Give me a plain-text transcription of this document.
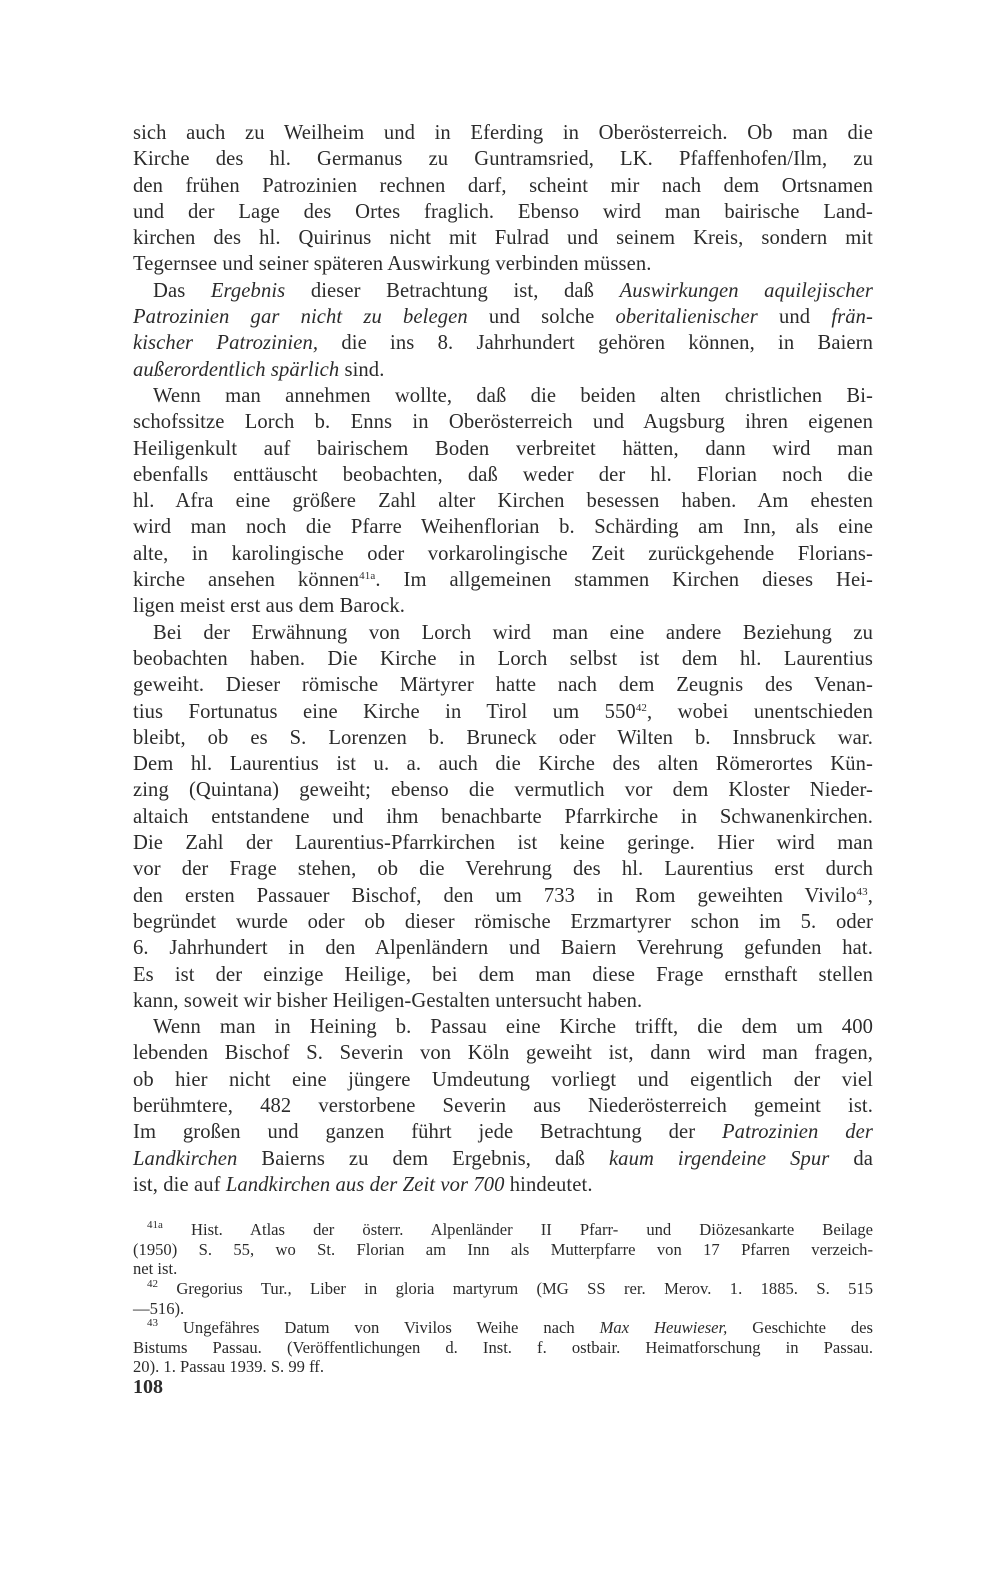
sich auch zu Weilheim und in Eferding in Oberösterreich. Ob man die
Kirche des hl. Germanus zu Guntramsried, LK. Pfaffenhofen/Ilm, zu
den frühen Patrozinien rechnen darf, scheint mir nach dem Ortsnamen
und der Lage des Ortes fraglich. Ebenso wird man bairische Land-
kirchen des hl. Quirinus nicht mit Fulrad und seinem Kreis, sondern mit
Tegernsee und seiner späteren Auswirkung verbinden müssen.

Das Ergebnis dieser Betrachtung ist, daß Auswirkungen aquilejischer

Patrozinien gar nicht zu belegen und solche oberitalienischer und frän-
kischer Patrozinien, die ins 8. Jahrhundert gehören können, in Baiern
außerordentlich spärlich sind.

Wenn man annehmen wollte, daß die beiden alten christlichen Bi-

schofssitze Lorch b. Enns in Oberösterreich und Augsburg ihren eigenen
Heiligenkult auf bairischem Boden verbreitet hätten, dann wird man
ebenfalls enttäuscht beobachten, daß weder der hl. Florian noch die
hl. Afra eine größere Zahl alter Kirchen besessen haben. Am ehesten
wird man noch die Pfarre Weihenflorian b. Schärding am Inn, als eine
alte, in karolingische oder vorkarolingische Zeit zurückgehende Florians-
kirche ansehen können$^{41a}$. Im allgemeinen stammen Kirchen dieses Hei-
ligen meist erst aus dem Barock.

Bei der Erwähnung von Lorch wird man eine andere Beziehung zu

beobachten haben. Die Kirche in Lorch selbst ist dem hl. Laurentius
geweiht. Dieser römische Märtyrer hatte nach dem Zeugnis des Venan-
tius Fortunatus eine Kirche in Tirol um 550$^{42}$, wobei unentschieden
bleibt, ob es S. Lorenzen b. Bruneck oder Wilten b. Innsbruck war.
Dem hl. Laurentius ist u. a. auch die Kirche des alten Römerortes Kün-
zing (Quintana) geweiht; ebenso die vermutlich vor dem Kloster Nieder-
altaich entstandene und ihm benachbarte Pfarrkirche in Schwanenkirchen.
Die Zahl der Laurentius-Pfarrkirchen ist keine geringe. Hier wird man
vor der Frage stehen, ob die Verehrung des hl. Laurentius erst durch
den ersten Passauer Bischof, den um 733 in Rom geweihten Vivilo$^{43}$,
begründet wurde oder ob dieser römische Erzmartyrer schon im 5. oder
6. Jahrhundert in den Alpenländern und Baiern Verehrung gefunden hat.
Es ist der einzige Heilige, bei dem man diese Frage ernsthaft stellen
kann, soweit wir bisher Heiligen-Gestalten untersucht haben.

Wenn man in Heining b. Passau eine Kirche trifft, die dem um 400

lebenden Bischof S. Severin von Köln geweiht ist, dann wird man fragen,
ob hier nicht eine jüngere Umdeutung vorliegt und eigentlich der viel
berühmtere, 482 verstorbene Severin aus Niederösterreich gemeint ist.
Im großen und ganzen führt jede Betrachtung der Patrozinien der
Landkirchen Baierns zu dem Ergebnis, daß kaum irgendeine Spur da
ist, die auf Landkirchen aus der Zeit vor 700 hindeutet.

$^{41a}$ Hist. Atlas der österr. Alpenländer II Pfarr- und Diözesankarte Beilage
(1950) S. 55, wo St. Florian am Inn als Mutterpfarre von 17 Pfarren verzeich-
net ist.

$^{42}$ Gregorius Tur., Liber in gloria martyrum (MG SS rer. Merov. 1. 1885. S. 515
—516).

$^{43}$ Ungefähres Datum von Vivilos Weihe nach Max Heuwieser, Geschichte des
Bistums Passau. (Veröffentlichungen d. Inst. f. ostbair. Heimatforschung in Passau.
20). 1. Passau 1939. S. 99 ff.

108
